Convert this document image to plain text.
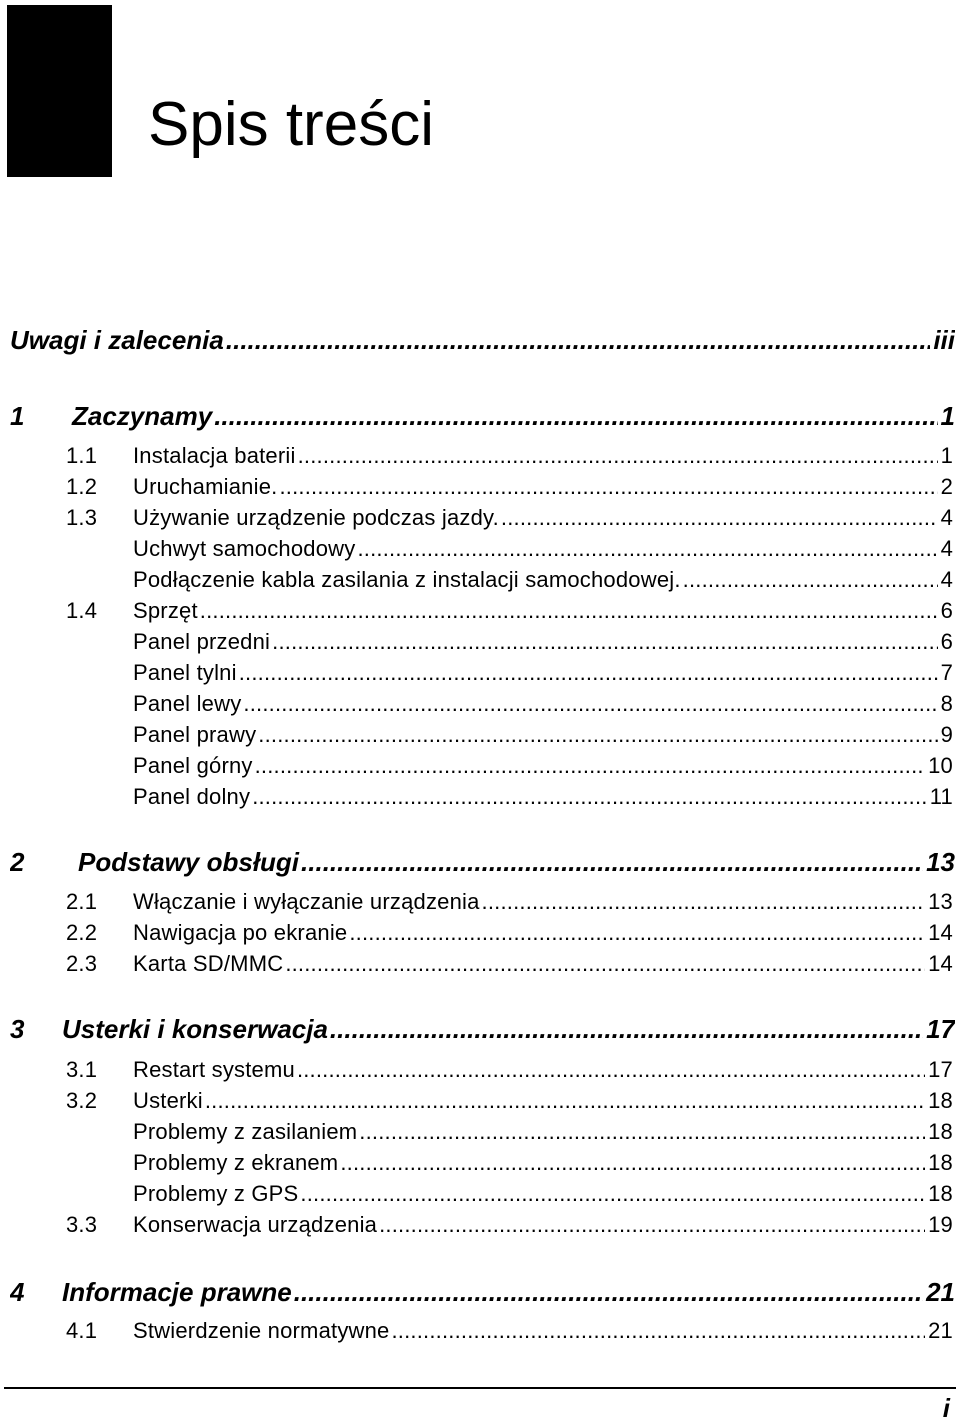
Spis treści
Uwagi i zalecenia .....	iii
1	Zaczynamy .....	1
1.1	Instalacja baterii .....	1
1.2	Uruchamianie. .....	2
1.3	Używanie urządzenie podczas jazdy. .....	4
Uchwyt samochodowy .....	4
Podłączenie kabla zasilania z instalacji samochodowej. .....	4
1.4	Sprzęt .....	6
Panel przedni .....	6
Panel tylni .....	7
Panel lewy .....	8
Panel prawy .....	9
Panel górny .....	10
Panel dolny .....	11
2	Podstawy obsługi .....	13
2.1	Włączanie i wyłączanie urządzenia .....	13
2.2	Nawigacja po ekranie .....	14
2.3	Karta SD/MMC .....	14
3	Usterki i konserwacja .....	17
3.1	Restart systemu .....	17
3.2	Usterki .....	18
Problemy z zasilaniem .....	18
Problemy z ekranem .....	18
Problemy z GPS .....	18
3.3	Konserwacja urządzenia .....	19
4	Informacje prawne .....	21
4.1	Stwierdzenie normatywne .....	21
i
